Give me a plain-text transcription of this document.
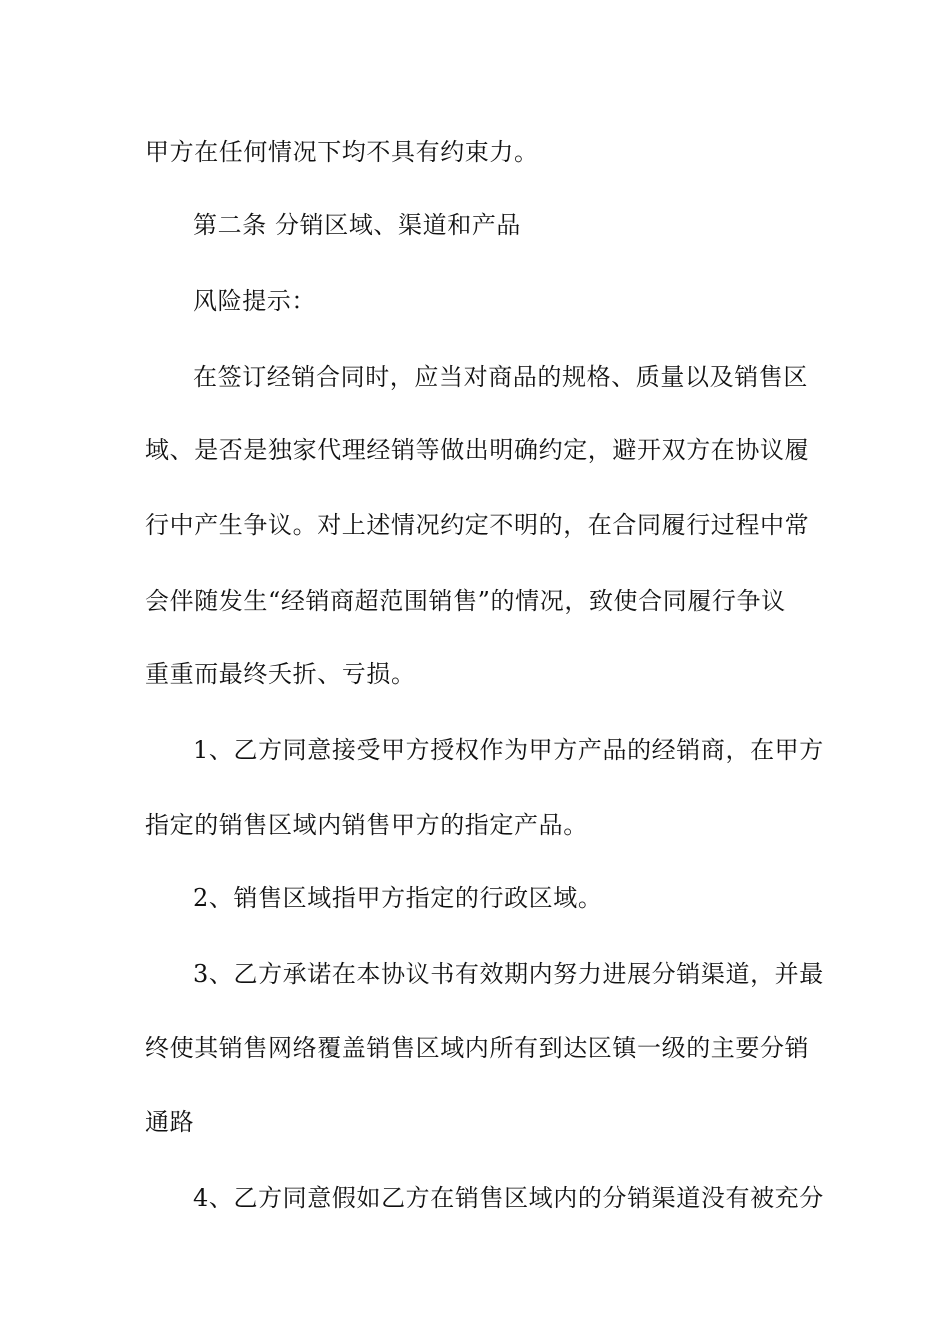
甲方在任何情况下均不具有约束力。
第二条 分销区域、渠道和产品
风险提示：
在签订经销合同时，应当对商品的规格、质量以及销售区
域、是否是独家代理经销等做出明确约定，避开双方在协议履
行中产生争议。对上述情况约定不明的，在合同履行过程中常
会伴随发生“经销商超范围销售”的情况，致使合同履行争议
重重而最终夭折、亏损。
1、乙方同意接受甲方授权作为甲方产品的经销商，在甲方
指定的销售区域内销售甲方的指定产品。
2、销售区域指甲方指定的行政区域。
3、乙方承诺在本协议书有效期内努力进展分销渠道，并最
终使其销售网络覆盖销售区域内所有到达区镇一级的主要分销
通路
4、乙方同意假如乙方在销售区域内的分销渠道没有被充分
